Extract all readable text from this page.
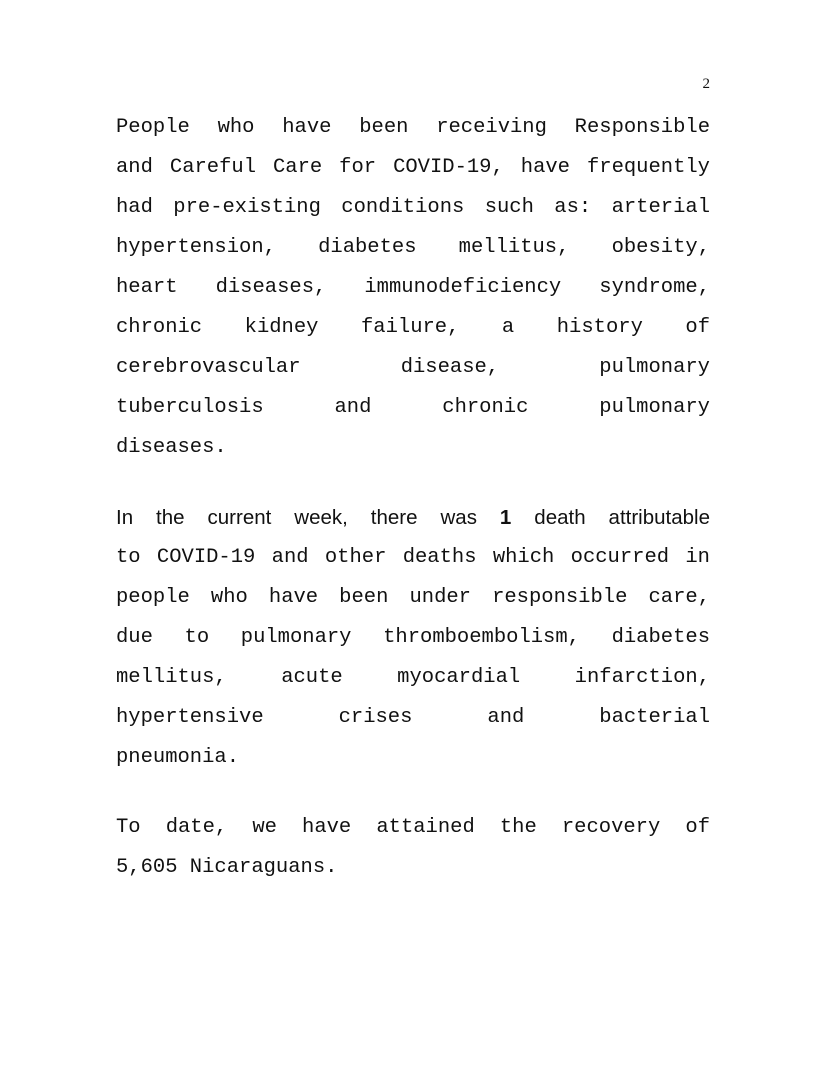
2
People who have been receiving Responsible
and Careful Care for COVID-19, have frequently
had pre-existing conditions such as: arterial
hypertension, diabetes mellitus, obesity,
heart diseases, immunodeficiency syndrome,
chronic kidney failure, a history of
cerebrovascular disease, pulmonary
tuberculosis and chronic pulmonary
diseases.
In the current week, there was 1 death attributable
to COVID-19 and other deaths which occurred in
people who have been under responsible care,
due to pulmonary thromboembolism, diabetes
mellitus, acute myocardial infarction,
hypertensive crises and bacterial
pneumonia.
To date, we have attained the recovery of
5,605 Nicaraguans.
